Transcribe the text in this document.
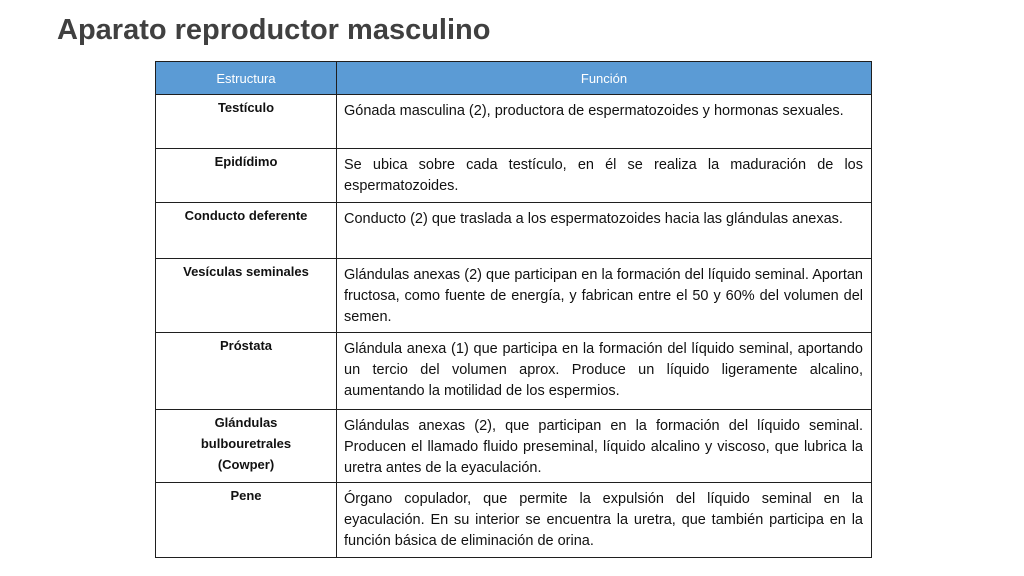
Aparato reproductor masculino
Estructura	Función
Testículo	Gónada masculina (2), productora de espermatozoides y hormonas sexuales.
Epidídimo	Se ubica sobre cada testículo, en él se realiza la maduración de los espermatozoides.
Conducto deferente	Conducto (2) que traslada a los espermatozoides hacia las glándulas anexas.
Vesículas seminales	Glándulas anexas (2) que participan en la formación del líquido seminal. Aportan fructosa, como fuente de energía, y fabrican entre el 50 y 60% del volumen del semen.
Próstata	Glándula anexa (1) que participa en la formación del líquido seminal, aportando un tercio del volumen aprox. Produce un líquido ligeramente alcalino, aumentando la motilidad de los espermios.

Glándulas
bulbouretrales
(Cowper)	Glándulas anexas (2), que participan en la formación del líquido seminal. Producen el llamado fluido preseminal, líquido alcalino y viscoso, que lubrica la uretra antes de la eyaculación.
Pene	Órgano copulador, que permite la expulsión del líquido seminal en la eyaculación. En su interior se encuentra la uretra, que también participa en la función básica de eliminación de orina.
